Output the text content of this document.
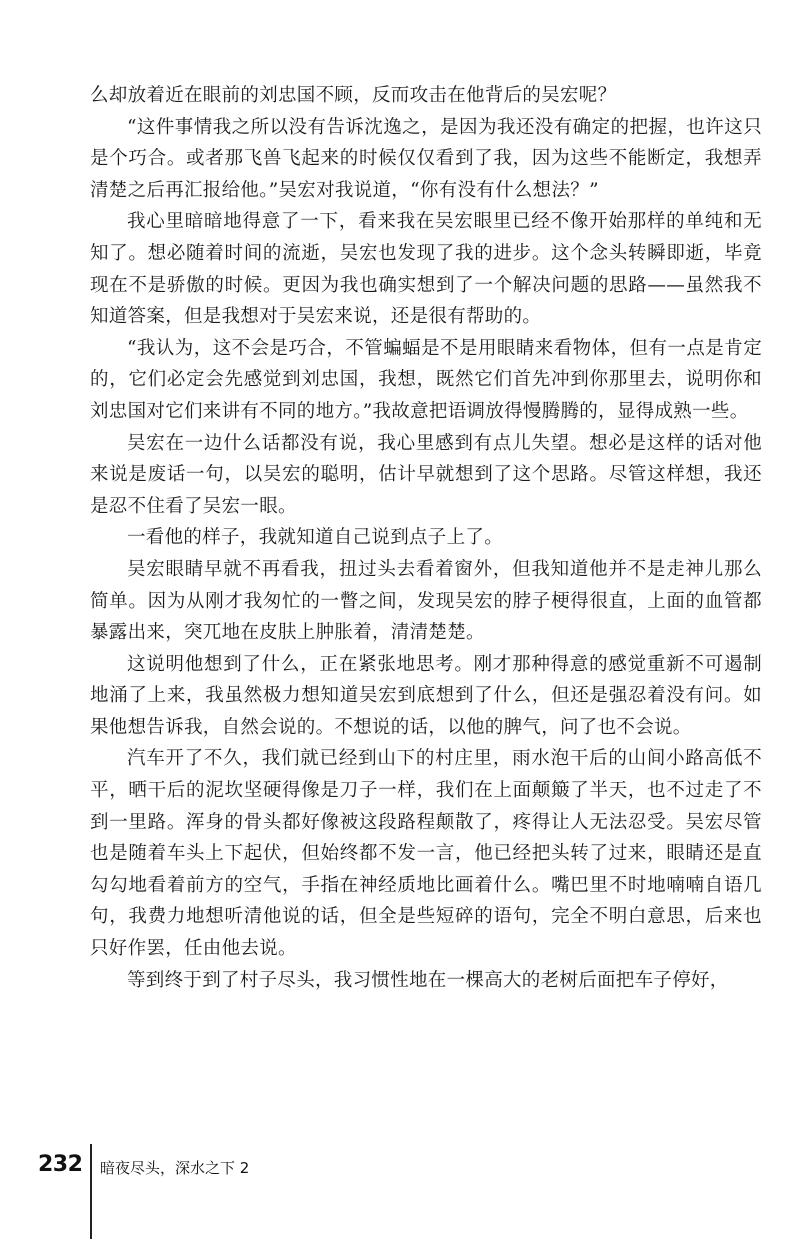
么却放着近在眼前的刘忠国不顾，反而攻击在他背后的吴宏呢？

“这件事情我之所以没有告诉沈逸之，是因为我还没有确定的把握，也许这只是个巧合。或者那飞兽飞起来的时候仅仅看到了我，因为这些不能断定，我想弄清楚之后再汇报给他。”吴宏对我说道，“你有没有什么想法？”

我心里暗暗地得意了一下，看来我在吴宏眼里已经不像开始那样的单纯和无知了。想必随着时间的流逝，吴宏也发现了我的进步。这个念头转瞬即逝，毕竟现在不是骄傲的时候。更因为我也确实想到了一个解决问题的思路——虽然我不知道答案，但是我想对于吴宏来说，还是很有帮助的。

“我认为，这不会是巧合，不管蝙蝠是不是用眼睛来看物体，但有一点是肯定的，它们必定会先感觉到刘忠国，我想，既然它们首先冲到你那里去，说明你和刘忠国对它们来讲有不同的地方。”我故意把语调放得慢腾腾的，显得成熟一些。

吴宏在一边什么话都没有说，我心里感到有点儿失望。想必是这样的话对他来说是废话一句，以吴宏的聪明，估计早就想到了这个思路。尽管这样想，我还是忍不住看了吴宏一眼。

一看他的样子，我就知道自己说到点子上了。

吴宏眼睛早就不再看我，扭过头去看着窗外，但我知道他并不是走神儿那么简单。因为从刚才我匆忙的一瞥之间，发现吴宏的脖子梗得很直，上面的血管都暴露出来，突兀地在皮肤上肿胀着，清清楚楚。

这说明他想到了什么，正在紧张地思考。刚才那种得意的感觉重新不可遏制地涌了上来，我虽然极力想知道吴宏到底想到了什么，但还是强忍着没有问。如果他想告诉我，自然会说的。不想说的话，以他的脾气，问了也不会说。

汽车开了不久，我们就已经到山下的村庄里，雨水泡干后的山间小路高低不平，晒干后的泥坎坚硬得像是刀子一样，我们在上面颠簸了半天，也不过走了不到一里路。浑身的骨头都好像被这段路程颠散了，疼得让人无法忍受。吴宏尽管也是随着车头上下起伏，但始终都不发一言，他已经把头转了过来，眼睛还是直勾勾地看着前方的空气，手指在神经质地比画着什么。嘴巴里不时地喃喃自语几句，我费力地想听清他说的话，但全是些短碎的语句，完全不明白意思，后来也只好作罢，任由他去说。

等到终于到了村子尽头，我习惯性地在一棵高大的老树后面把车子停好，

232 暗夜尽头，深水之下 2
